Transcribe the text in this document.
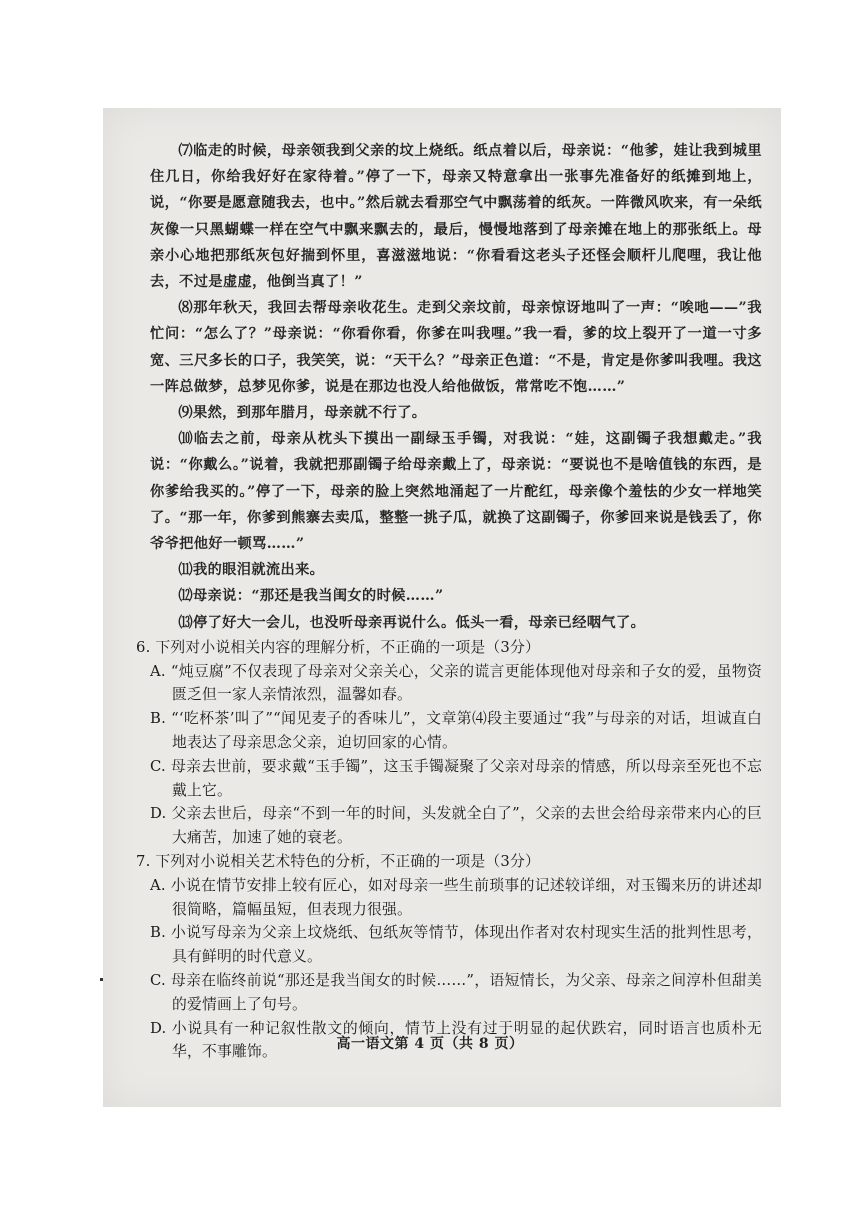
⑺临走的时候，母亲领我到父亲的坟上烧纸。纸点着以后，母亲说：“他爹，娃让我到城里住几日，你给我好好在家待着。”停了一下，母亲又特意拿出一张事先准备好的纸摊到地上，说，“你要是愿意随我去，也中。”然后就去看那空气中飘荡着的纸灰。一阵微风吹来，有一朵纸灰像一只黑蝴蝶一样在空气中飘来飘去的，最后，慢慢地落到了母亲摊在地上的那张纸上。母亲小心地把那纸灰包好揣到怀里，喜滋滋地说：“你看看这老头子还怪会顺杆儿爬哩，我让他去，不过是虚虚，他倒当真了！”

⑻那年秋天，我回去帮母亲收花生。走到父亲坟前，母亲惊讶地叫了一声：“唉吔——”我忙问：“怎么了？”母亲说：“你看你看，你爹在叫我哩。”我一看，爹的坟上裂开了一道一寸多宽、三尺多长的口子，我笑笑，说：“天干么？”母亲正色道：“不是，肯定是你爹叫我哩。我这一阵总做梦，总梦见你爹，说是在那边也没人给他做饭，常常吃不饱……”

⑼果然，到那年腊月，母亲就不行了。

⑽临去之前，母亲从枕头下摸出一副绿玉手镯，对我说：“娃，这副镯子我想戴走。”我说：“你戴么。”说着，我就把那副镯子给母亲戴上了，母亲说：“要说也不是啥值钱的东西，是你爹给我买的。”停了一下，母亲的脸上突然地涌起了一片酡红，母亲像个羞怯的少女一样地笑了。“那一年，你爹到熊寨去卖瓜，整整一挑子瓜，就换了这副镯子，你爹回来说是钱丢了，你爷爷把他好一顿骂……”

⑾我的眼泪就流出来。

⑿母亲说：“那还是我当闺女的时候……”

⒀停了好大一会儿，也没听母亲再说什么。低头一看，母亲已经咽气了。

6. 下列对小说相关内容的理解分析，不正确的一项是（3分）

A. “炖豆腐”不仅表现了母亲对父亲关心，父亲的谎言更能体现他对母亲和子女的爱，虽物资匮乏但一家人亲情浓烈，温馨如春。

B. “‘吃杯茶’叫了”“闻见麦子的香味儿”，文章第⑷段主要通过“我”与母亲的对话，坦诚直白地表达了母亲思念父亲，迫切回家的心情。

C. 母亲去世前，要求戴“玉手镯”，这玉手镯凝聚了父亲对母亲的情感，所以母亲至死也不忘戴上它。

D. 父亲去世后，母亲“不到一年的时间，头发就全白了”，父亲的去世会给母亲带来内心的巨大痛苦，加速了她的衰老。

7. 下列对小说相关艺术特色的分析，不正确的一项是（3分）

A. 小说在情节安排上较有匠心，如对母亲一些生前琐事的记述较详细，对玉镯来历的讲述却很简略，篇幅虽短，但表现力很强。

B. 小说写母亲为父亲上坟烧纸、包纸灰等情节，体现出作者对农村现实生活的批判性思考，具有鲜明的时代意义。

C. 母亲在临终前说“那还是我当闺女的时候……”，语短情长，为父亲、母亲之间淳朴但甜美的爱情画上了句号。

D. 小说具有一种记叙性散文的倾向，情节上没有过于明显的起伏跌宕，同时语言也质朴无华，不事雕饰。	高一语文第 4 页（共 8 页）
